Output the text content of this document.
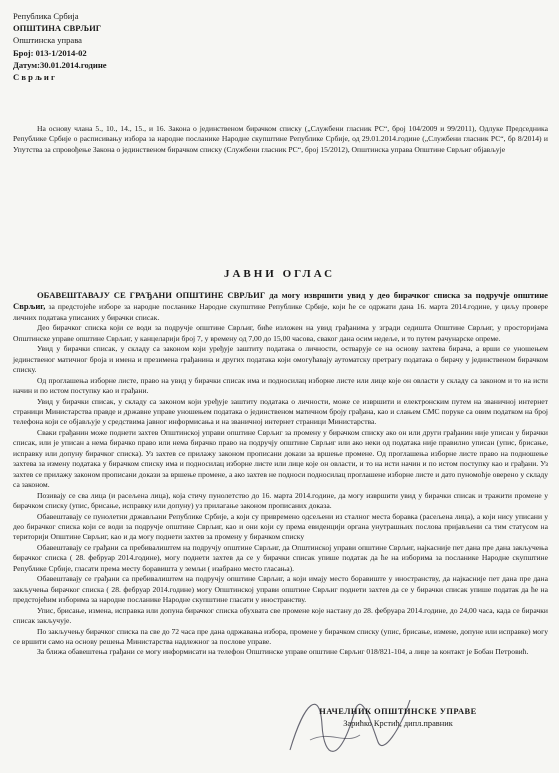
Република Србија
ОПШТИНА СВРЉИГ
Општинска управа
Број: 013-1/2014-02
Датум:30.01.2014.године
С в р љ и г

На основу члана 5., 10., 14., 15., и 16. Закона о јединственом бирачком списку („Службени гласник РС“, број 104/2009 и 99/2011), Одлуке Председника Републике Србије о расписивању избора за народне посланике Народне скупштине Републике Србије, од 29.01.2014.године („Службени гласник РС“, бр 8/2014) и Упутства за спровођење Закона о јединственом бирачком списку (Службени гласник РС“, број 15/2012), Општинска управа Општине Сврљиг објављује

ЈАВНИ ОГЛАС

ОБАВЕШТАВАЈУ СЕ ГРАЂАНИ ОПШТИНЕ СВРЉИГ да могу извршити увид у део бирачког списка за подручје општине Сврљиг, за предстојеће изборе за народне посланике Народне скупштине Републике Србије, који ће се одржати дана 16. марта 2014.године, у циљу провере личних података уписаних у бирачки списак.

Део бирачког списка који се води за подручје општине Сврљиг, биће изложен на увид грађанима у згради седишта Општине Сврљиг, у просторијама Општинске управе општине Сврљиг, у канцеларији број 7, у времену од 7,00 до 15,00 часова, сваког дана осим недеље, и то путем рачунарске опреме.

Увид у бирачки списак, у складу са законом који уређује заштиту података о личности, остварује се на основу захтева бирача, а врши се уношењем јединственог матичног броја и имена и презимена грађанина и других података који омогућавају аутоматску претрагу података о бирачу у јединственом бирачком списку.

Од проглашења изборне листе, право на увид у бирачки списак има и подносилац изборне листе или лице које он овласти у складу са законом и то на исти начин и по истом поступку као и грађани.

Увид у бирачки списак, у складу са законом који уређује заштиту података о личности, може се извршити и електронским путем на званичној интернет страници Министарства правде и државне управе уношењем података о јединственом матичном броју грађана, као и слањем СМС поруке са овим податком на број телефона који се објављује у средствима јавног информисања и на званичној интернет страници Министарства.

Сваки грађанин може поднети захтев Општинској управи општине Сврљиг за промену у бирачком списку ако он или други грађанин није уписан у бирачки списак, или је уписан а нема бирачко право или нема бирачко право на подручју општине Сврљиг или ако неки од података није правилно уписан (упис, брисање, исправку или допуну бирачког списка). Уз захтев се прилажу законом прописани докази за вршење промене. Од проглашења изборне листе право на подношење захтева за измену података у бирачком списку има и подносилац изборне листе или лице које он овласти, и то на исти начин и по истом поступку као и грађани. Уз захтев се прилажу законом прописани докази за вршење промене, а ако захтев не подноси подносилац проглашене изборне листе и дато пуномоћје оверено у складу са законом.

Позивају се сва лица (и расељена лица), која стичу пунолетство до 16. марта 2014.године, да могу извршити увид у бирачки списак и тражити промене у бирачком списку (упис, брисање, исправку или допуну) уз прилагање законом прописаних доказа.

Обавештавају се пунолетни држављани Републике Србије, а који су привремено одсељени из сталног места боравка (расељена лица), а који нису уписани у део бирачког списка који се води за подручје општине Сврљиг, као и они који су према евиденцији органа унутрашњих послова пријављени са тим статусом на територији Општине Сврљиг, као и да могу поднети захтев за промену у бирачком списку

Обавештавају се грађани са пребивалиштем на подручју општине Сврљиг, да Општинској управи општине Сврљиг, најкасније пет дана пре дана закључења бирачког списка ( 28. фебруар 2014.године), могу поднети захтев да се у бирачки списак упише податак да ће на изборима за посланике Народне скупштине Републике Србије, гласати према месту боравишта у земљи ( изабрано место гласања).

Обавештавају се грађани са пребивалиштем на подручју општине Сврљиг, а који имају место боравиште у иностранству, да најкасније пет дана пре дана закључења бирачког списка ( 28. фебруар 2014.године) могу Општинској управи општине Сврљиг поднети захтев да се у бирачки списак упише податак да ће на предстојећим изборима за народне посланике Народне скупштине гласати у иностранству.

Упис, брисање, измена, исправка или допуна бирачког списка обухвата све промене које настану до 28. фебруара 2014.године, до 24,00 часа, када се бирачки списак закључује.

По закључењу бирачког списка па све до 72 часа пре дана одржавања избора, промене у бирачком списку (упис, брисање, измене, допуне или исправке) могу се вршити само на основу решења Министарства надлежног за послове управе.

За ближа обавештења грађани се могу информисати на телефон Општинске управе општине Сврљиг 018/821-104, а лице за контакт је Бобан Петровић.

НАЧЕЛНИК ОПШТИНСКЕ УПРАВЕ
Зарићко Крстић, дипл.правник
